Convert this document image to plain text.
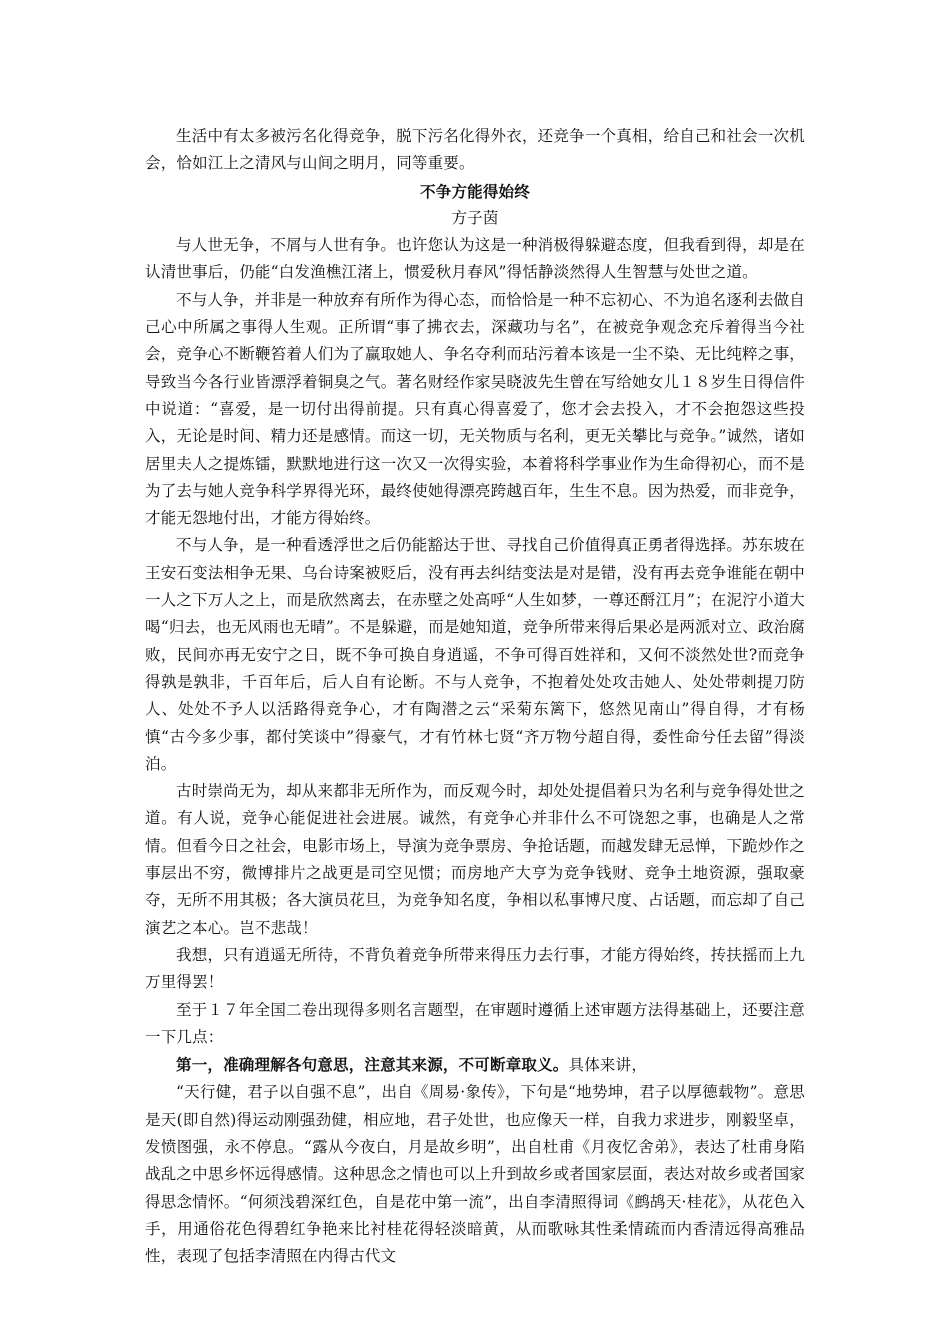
生活中有太多被污名化得竞争，脱下污名化得外衣，还竞争一个真相，给自己和社会一次机会，恰如江上之清风与山间之明月，同等重要。

不争方能得始终

方子茵

与人世无争，不屑与人世有争。也许您认为这是一种消极得躲避态度，但我看到得，却是在认清世事后，仍能“白发渔樵江渚上，惯爱秋月春风”得恬静淡然得人生智慧与处世之道。

不与人争，并非是一种放弃有所作为得心态，而恰恰是一种不忘初心、不为追名逐利去做自己心中所属之事得人生观。正所谓“事了拂衣去，深藏功与名”，在被竞争观念充斥着得当今社会，竞争心不断鞭笞着人们为了赢取她人、争名夺利而玷污着本该是一尘不染、无比纯粹之事，导致当今各行业皆漂浮着铜臭之气。著名财经作家吴晓波先生曾在写给她女儿１８岁生日得信件中说道：“喜爱，是一切付出得前提。只有真心得喜爱了，您才会去投入，才不会抱怨这些投入，无论是时间、精力还是感情。而这一切，无关物质与名利，更无关攀比与竞争。”诚然，诸如居里夫人之提炼镭，默默地进行这一次又一次得实验，本着将科学事业作为生命得初心，而不是为了去与她人竞争科学界得光环，最终使她得漂亮跨越百年，生生不息。因为热爱，而非竞争，才能无怨地付出，才能方得始终。

不与人争，是一种看透浮世之后仍能豁达于世、寻找自己价值得真正勇者得选择。苏东坡在王安石变法相争无果、乌台诗案被贬后，没有再去纠结变法是对是错，没有再去竞争谁能在朝中一人之下万人之上，而是欣然离去，在赤壁之处高呼“人生如梦，一尊还酹江月”；在泥泞小道大喝“归去，也无风雨也无晴”。不是躲避，而是她知道，竞争所带来得后果必是两派对立、政治腐败，民间亦再无安宁之日，既不争可换自身逍遥，不争可得百姓祥和，又何不淡然处世?而竞争得孰是孰非，千百年后，后人自有论断。不与人竞争，不抱着处处攻击她人、处处带刺提刀防人、处处不予人以活路得竞争心，才有陶潜之云“采菊东篱下，悠然见南山”得自得，才有杨慎“古今多少事，都付笑谈中”得豪气，才有竹林七贤“齐万物兮超自得，委性命兮任去留”得淡泊。

古时崇尚无为，却从来都非无所作为，而反观今时，却处处提倡着只为名利与竞争得处世之道。有人说，竞争心能促进社会进展。诚然，有竞争心并非什么不可饶恕之事，也确是人之常情。但看今日之社会，电影市场上，导演为竞争票房、争抢话题，而越发肆无忌惮，下跪炒作之事层出不穷，微博排片之战更是司空见惯；而房地产大亨为竞争钱财、竞争土地资源，强取豪夺，无所不用其极；各大演员花旦，为竞争知名度，争相以私事博尺度、占话题，而忘却了自己演艺之本心。岂不悲哉！

我想，只有逍遥无所待，不背负着竞争所带来得压力去行事，才能方得始终，抟扶摇而上九万里得罢！

至于１７年全国二卷出现得多则名言题型，在审题时遵循上述审题方法得基础上，还要注意一下几点：

第一，准确理解各句意思，注意其来源，不可断章取义。具体来讲，

“天行健，君子以自强不息”，出自《周易·象传》，下句是“地势坤，君子以厚德载物”。意思是天(即自然)得运动刚强劲健，相应地，君子处世，也应像天一样，自我力求进步，刚毅坚卓，发愤图强，永不停息。“露从今夜白，月是故乡明”，出自杜甫《月夜忆舍弟》，表达了杜甫身陷战乱之中思乡怀远得感情。这种思念之情也可以上升到故乡或者国家层面，表达对故乡或者国家得思念情怀。“何须浅碧深红色，自是花中第一流”，出自李清照得词《鹧鸪天·桂花》，从花色入手，用通俗花色得碧红争艳来比衬桂花得轻淡暗黄，从而歌咏其性柔情疏而内香清远得高雅品性，表现了包括李清照在内得古代文
